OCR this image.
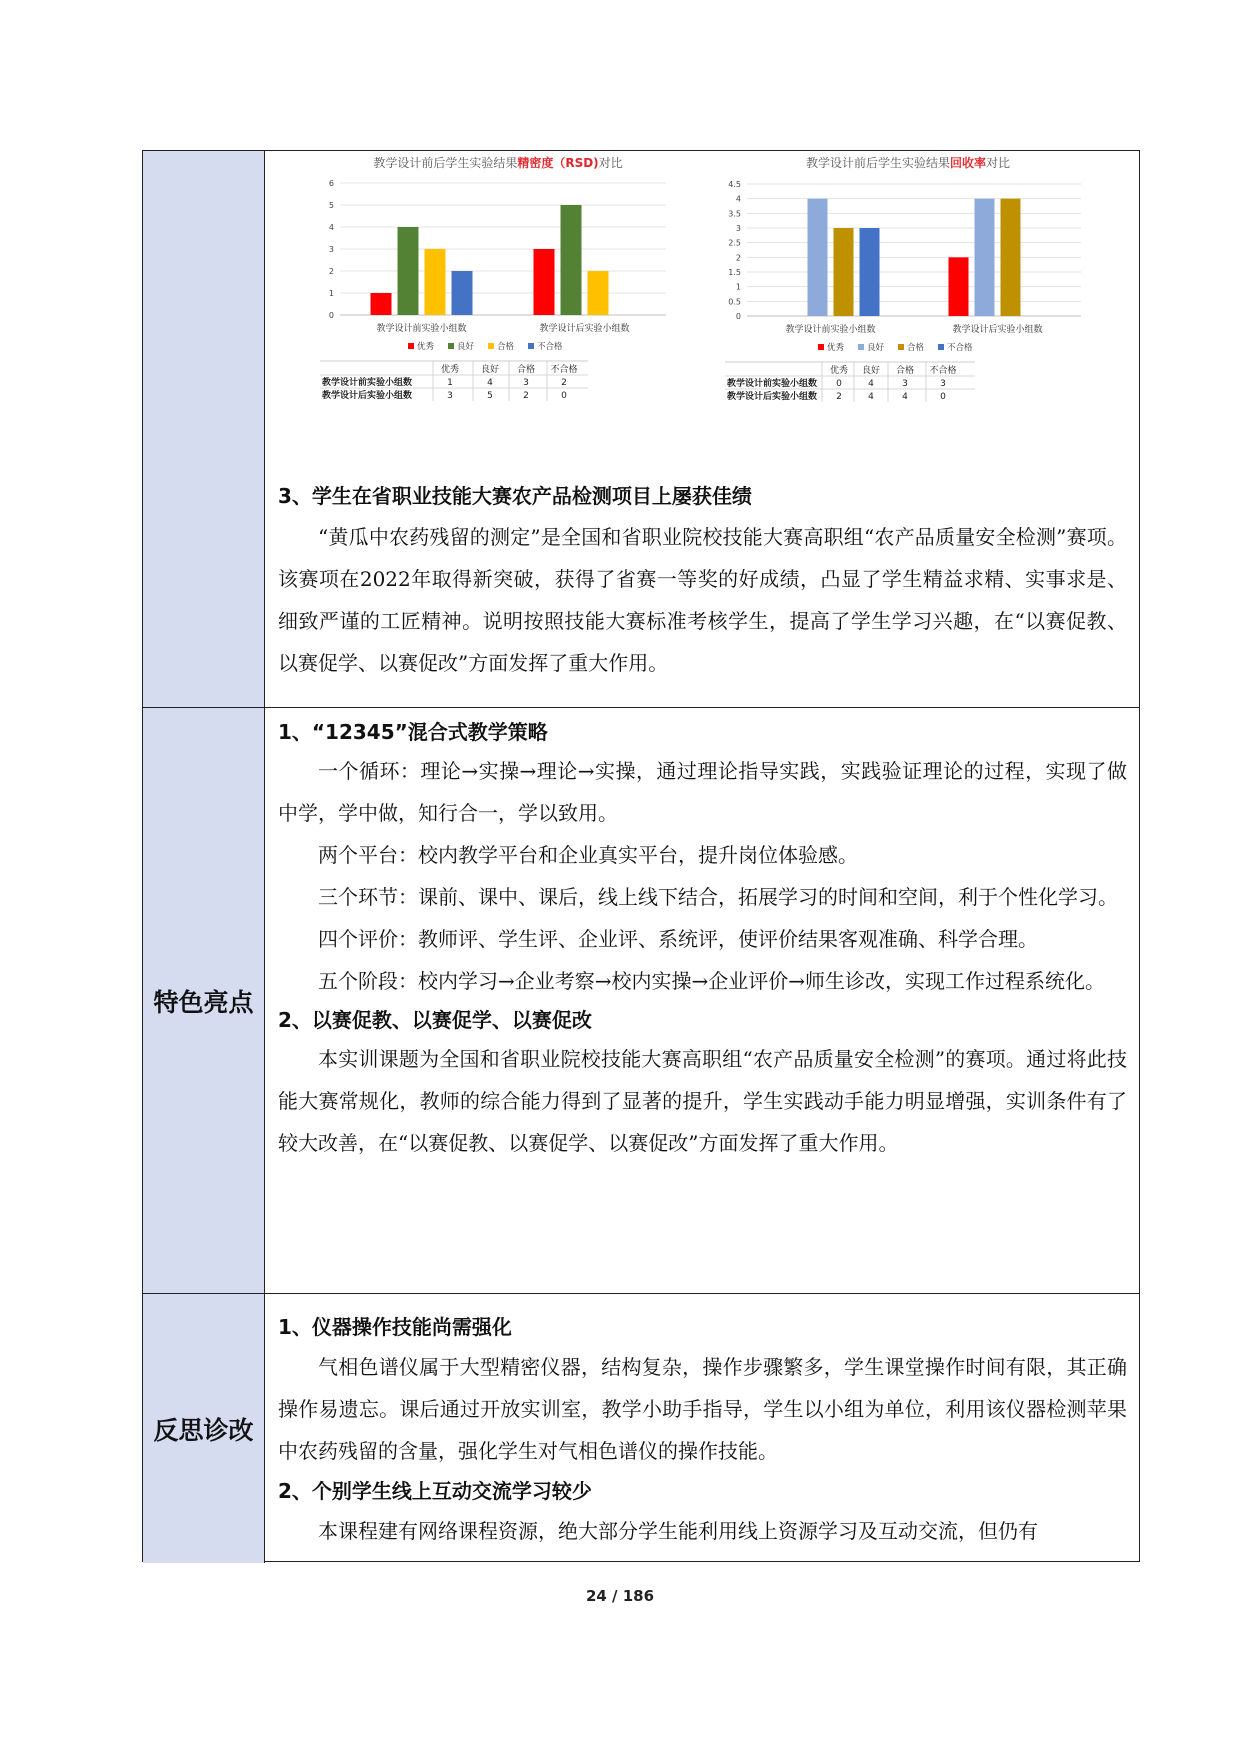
教学设计前后学生实验结果精密度（RSD)对比
0
1
2
3
4
5
6
教学设计前实验小组数	教学设计后实验小组数
优秀	良好	合格	不合格
优秀 良好 合格 不合格
教学设计前实验小组数	1	4	3	2
教学设计后实验小组数	3	5	2	0
教学设计前后学生实验结果回收率对比
0
0.5
1
1.5
2
2.5
3
3.5
4
4.5
教学设计前实验小组数	教学设计后实验小组数
优秀	良好	合格	不合格
优秀 良好 合格 不合格
教学设计前实验小组数 0	4	3	3
教学设计后实验小组数 2	4	4	0

3、学生在省职业技能大赛农产品检测项目上屡获佳绩

“黄瓜中农药残留的测定”是全国和省职业院校技能大赛高职组“农产品质量安全检测”赛项。该赛项在2022年取得新突破，获得了省赛一等奖的好成绩，凸显了学生精益求精、实事求是、细致严谨的工匠精神。说明按照技能大赛标准考核学生，提高了学生学习兴趣，在“以赛促教、以赛促学、以赛促改”方面发挥了重大作用。

特色亮点

1、“12345”混合式教学策略

一个循环：理论→实操→理论→实操，通过理论指导实践，实践验证理论的过程，实现了做中学，学中做，知行合一，学以致用。

两个平台：校内教学平台和企业真实平台，提升岗位体验感。

三个环节：课前、课中、课后，线上线下结合，拓展学习的时间和空间，利于个性化学习。

四个评价：教师评、学生评、企业评、系统评，使评价结果客观准确、科学合理。

五个阶段：校内学习→企业考察→校内实操→企业评价→师生诊改，实现工作过程系统化。

2、以赛促教、以赛促学、以赛促改

本实训课题为全国和省职业院校技能大赛高职组“农产品质量安全检测”的赛项。通过将此技能大赛常规化，教师的综合能力得到了显著的提升，学生实践动手能力明显增强，实训条件有了较大改善，在“以赛促教、以赛促学、以赛促改”方面发挥了重大作用。

反思诊改

1、仪器操作技能尚需强化

气相色谱仪属于大型精密仪器，结构复杂，操作步骤繁多，学生课堂操作时间有限，其正确操作易遗忘。课后通过开放实训室，教学小助手指导，学生以小组为单位，利用该仪器检测苹果中农药残留的含量，强化学生对气相色谱仪的操作技能。

2、个别学生线上互动交流学习较少

本课程建有网络课程资源，绝大部分学生能利用线上资源学习及互动交流，但仍有

24 / 186
